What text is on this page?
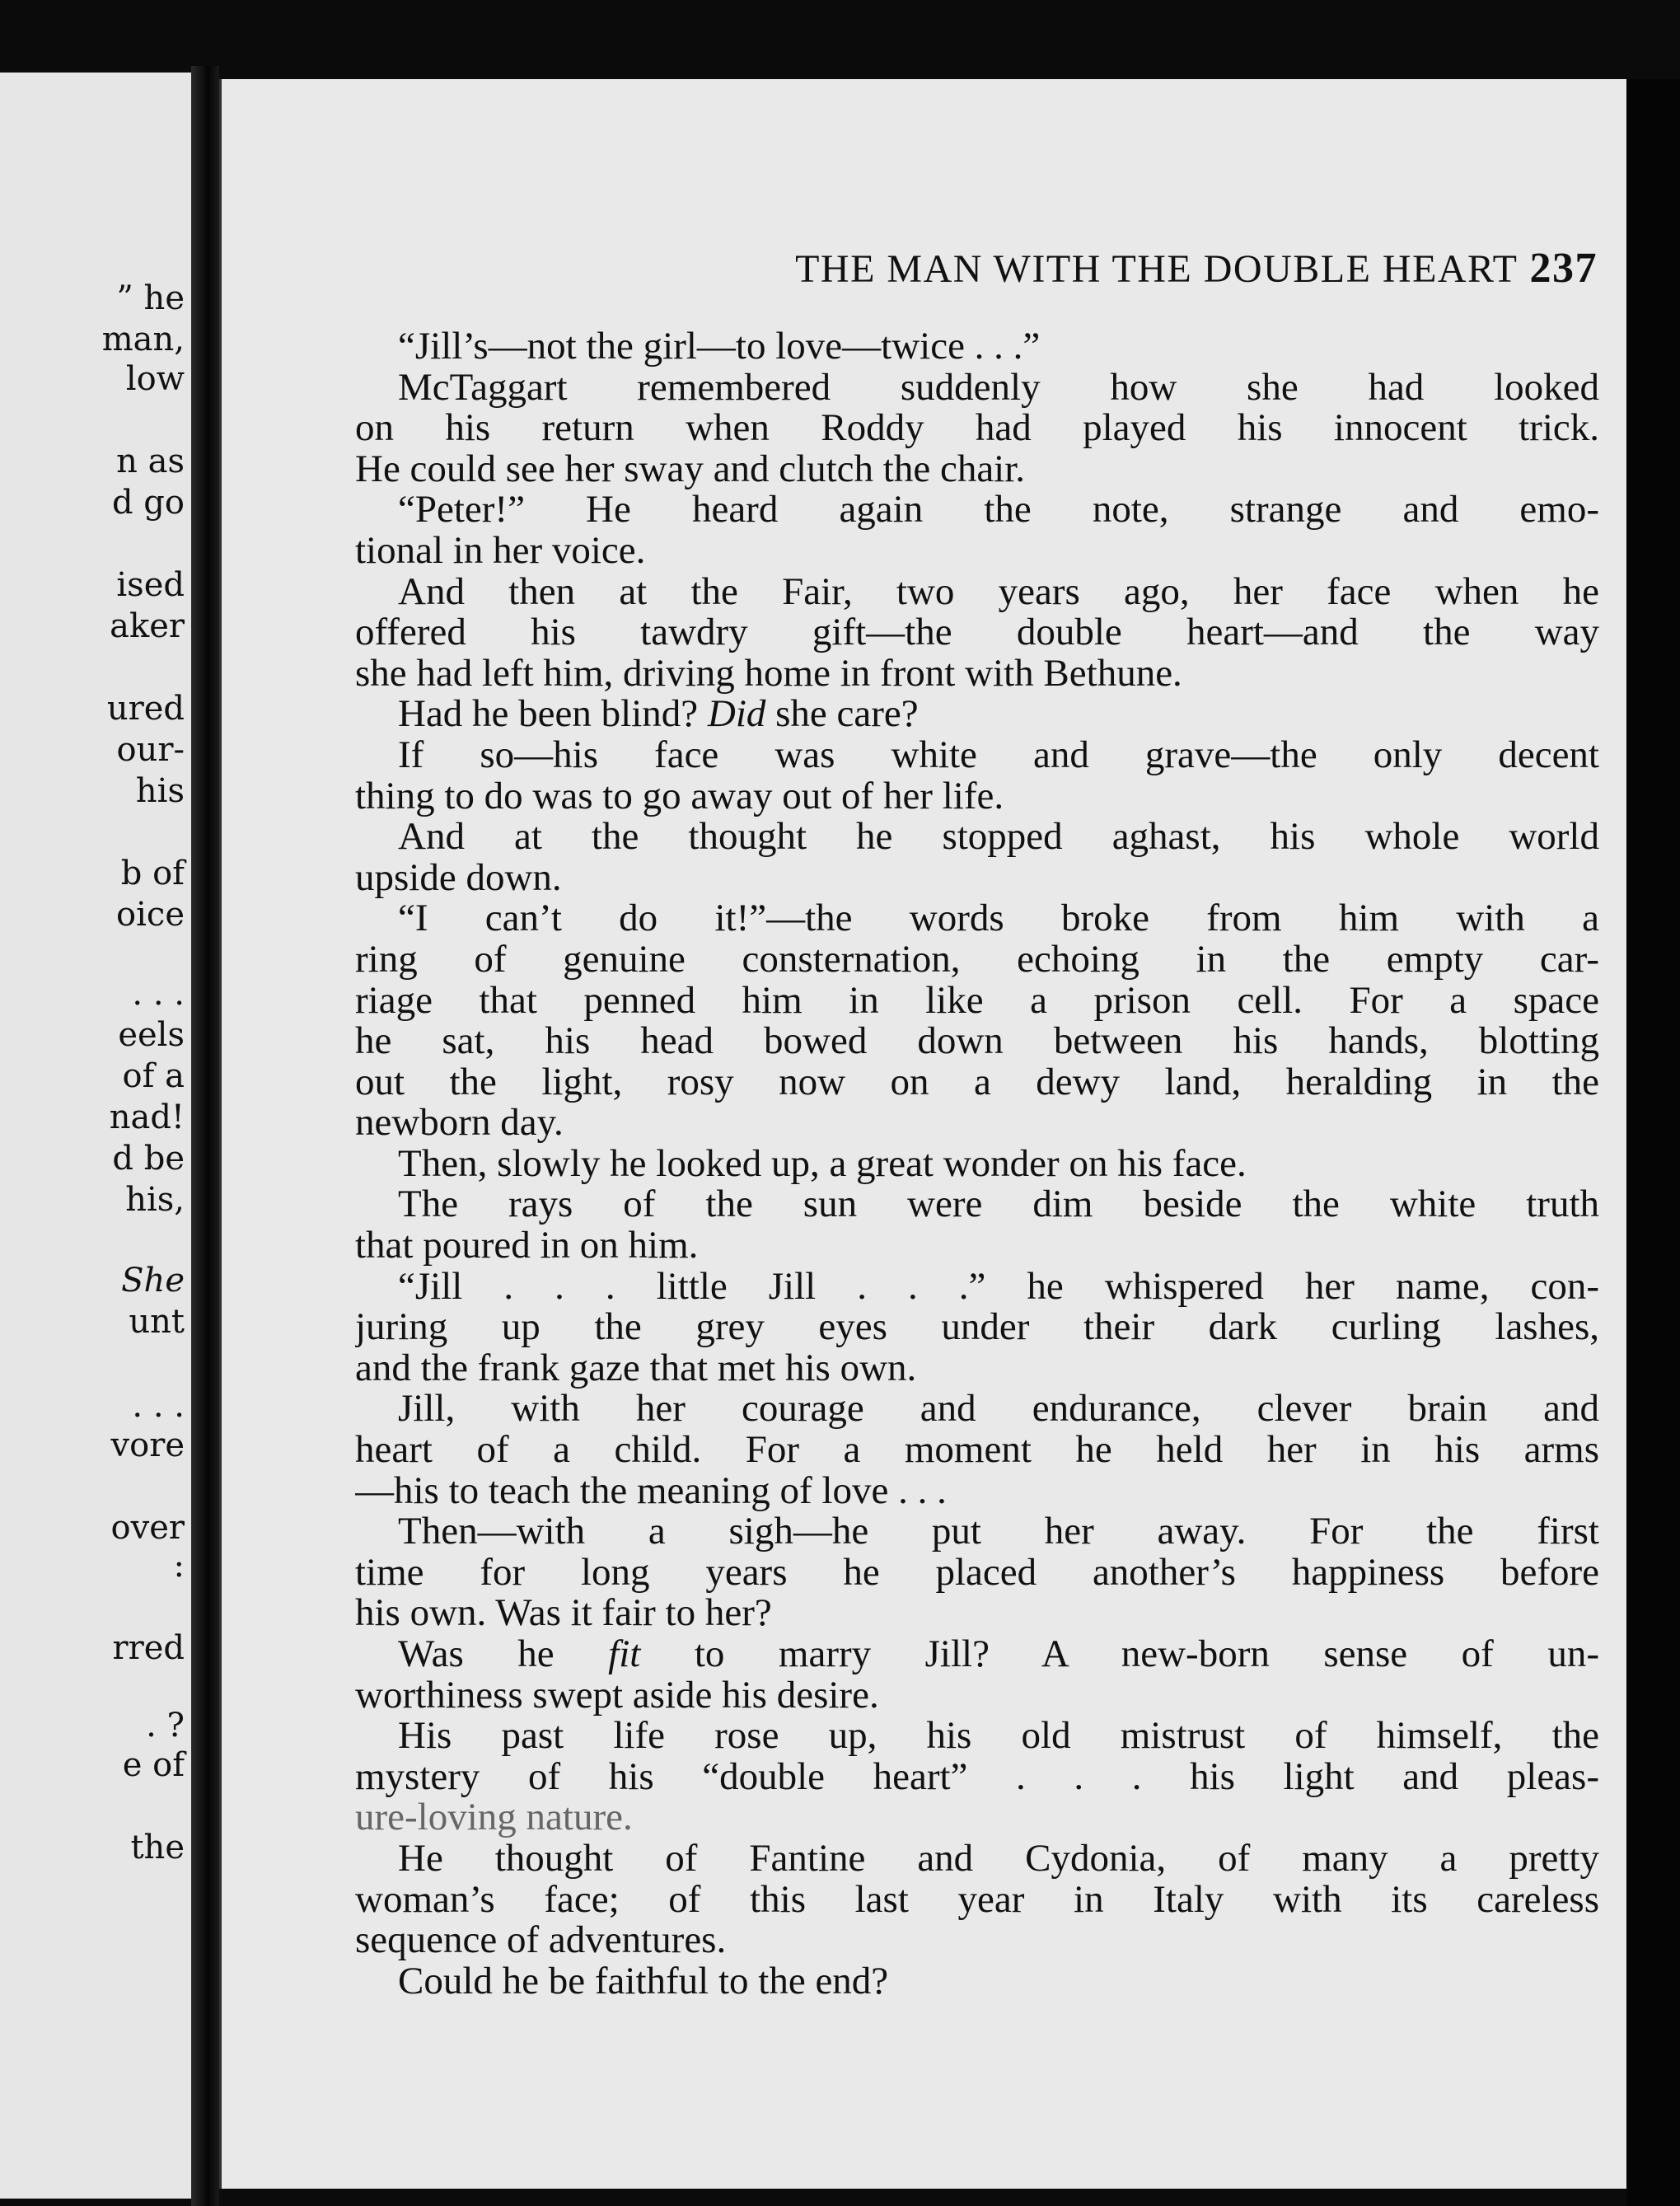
” he
man,
low
n as
d go
ised
aker
ured
our-
his
b of
oice
. . .
eels
of a
nad!
d be
his,
She
unt
. . .
vore
over
:
rred
. ?
e of
the
THE MAN WITH THE DOUBLE HEART 237
“Jill’s—not the girl—to love—twice . . .”
McTaggart remembered suddenly how she had looked
on his return when Roddy had played his innocent trick.
He could see her sway and clutch the chair.
“Peter!” He heard again the note, strange and emo-
tional in her voice.
And then at the Fair, two years ago, her face when he
offered his tawdry gift—the double heart—and the way
she had left him, driving home in front with Bethune.
Had he been blind? Did she care?
If so—his face was white and grave—the only decent
thing to do was to go away out of her life.
And at the thought he stopped aghast, his whole world
upside down.
“I can’t do it!”—the words broke from him with a
ring of genuine consternation, echoing in the empty car-
riage that penned him in like a prison cell. For a space
he sat, his head bowed down between his hands, blotting
out the light, rosy now on a dewy land, heralding in the
newborn day.
Then, slowly he looked up, a great wonder on his face.
The rays of the sun were dim beside the white truth
that poured in on him.
“Jill . . . little Jill . . .” he whispered her name, con-
juring up the grey eyes under their dark curling lashes,
and the frank gaze that met his own.
Jill, with her courage and endurance, clever brain and
heart of a child. For a moment he held her in his arms
—his to teach the meaning of love . . .
Then—with a sigh—he put her away. For the first
time for long years he placed another’s happiness before
his own. Was it fair to her?
Was he fit to marry Jill? A new-born sense of un-
worthiness swept aside his desire.
His past life rose up, his old mistrust of himself, the
mystery of his “double heart” . . . his light and pleas-
ure-loving nature.
He thought of Fantine and Cydonia, of many a pretty
woman’s face; of this last year in Italy with its careless
sequence of adventures.
Could he be faithful to the end?
